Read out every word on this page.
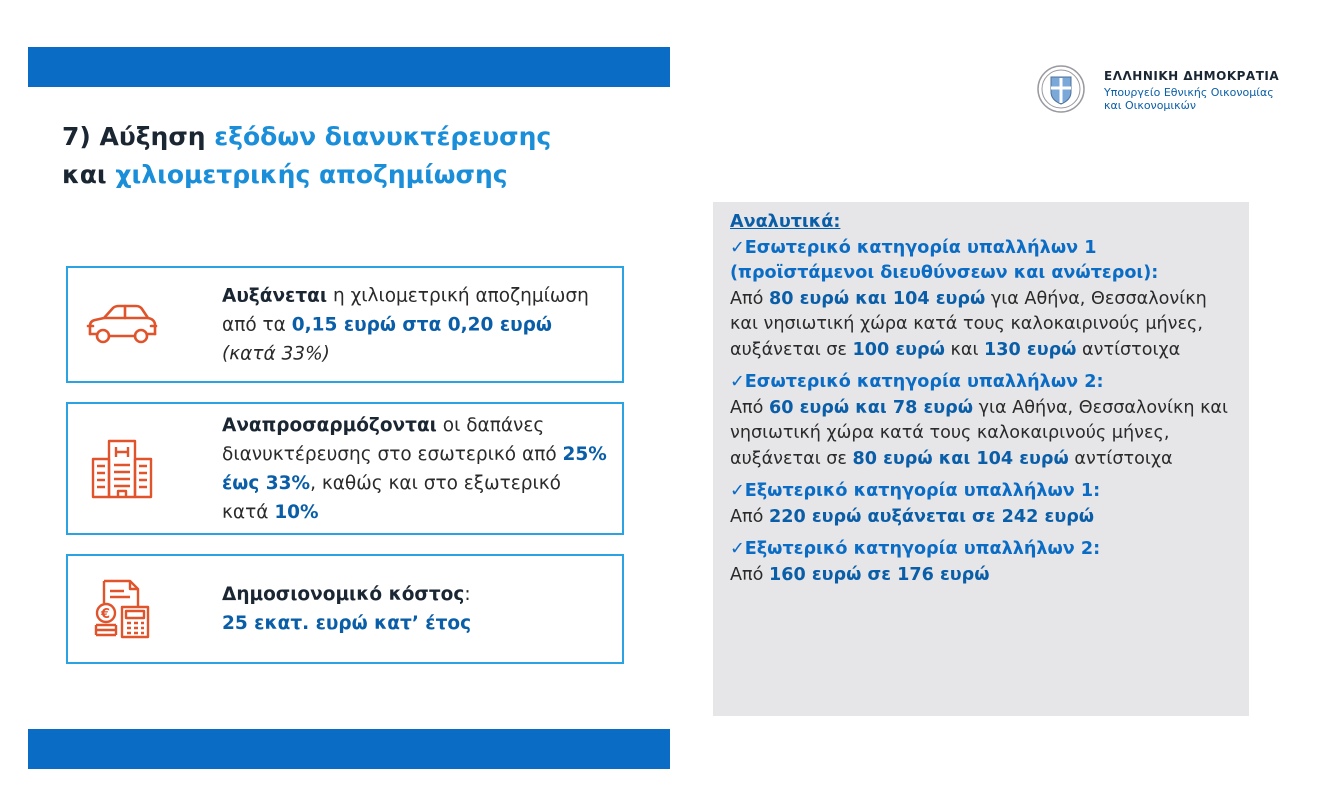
7) Αύξηση εξόδων διανυκτέρευσης
και χιλιομετρικής αποζημίωσης
Αυξάνεται η χιλιομετρική αποζημίωση από τα 0,15 ευρώ στα 0,20 ευρώ (κατά 33%)
Αναπροσαρμόζονται οι δαπάνες διανυκτέρευσης στο εσωτερικό από 25% έως 33%, καθώς και στο εξωτερικό κατά 10%
€
Δημοσιονομικό κόστος:
25 εκατ. ευρώ κατ’ έτος
ΕΛΛΗΝΙΚΗ ΔΗΜΟΚΡΑΤΙΑ
Υπουργείο Εθνικής Οικονομίας
και Οικονομικών
Αναλυτικά:
✓Εσωτερικό κατηγορία υπαλλήλων 1 (προϊστάμενοι διευθύνσεων και ανώτεροι):
Από 80 ευρώ και 104 ευρώ για Αθήνα, Θεσσαλονίκη και νησιωτική χώρα κατά τους καλοκαιρινούς μήνες, αυξάνεται σε 100 ευρώ και 130 ευρώ αντίστοιχα
✓Εσωτερικό κατηγορία υπαλλήλων 2:
Από 60 ευρώ και 78 ευρώ για Αθήνα, Θεσσαλονίκη και νησιωτική χώρα κατά τους καλοκαιρινούς μήνες, αυξάνεται σε 80 ευρώ και 104 ευρώ αντίστοιχα
✓Εξωτερικό κατηγορία υπαλλήλων 1:
Από 220 ευρώ αυξάνεται σε 242 ευρώ
✓Εξωτερικό κατηγορία υπαλλήλων 2:
Από 160 ευρώ σε 176 ευρώ
